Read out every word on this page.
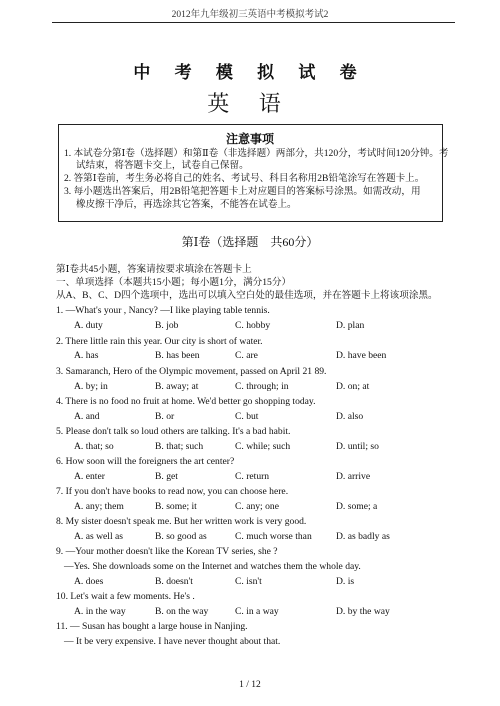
2012年九年级初三英语中考模拟考试2
中 考 模 拟 试 卷
英 语
注意事项
1. 本试卷分第Ⅰ卷（选择题）和第Ⅱ卷（非选择题）两部分，共120分，考试时间120分钟。考
试结束，将答题卡交上，试卷自己保留。
2. 答第Ⅰ卷前，考生务必将自己的姓名、考试号、科目名称用2B铅笔涂写在答题卡上。
3. 每小题选出答案后，用2B铅笔把答题卡上对应题目的答案标号涂黑。如需改动，用
橡皮擦干净后，再选涂其它答案，不能答在试卷上。
第Ⅰ卷（选择题　共60分）
第Ⅰ卷共45小题，答案请按要求填涂在答题卡上
一、单项选择（本题共15小题；每小题1分，满分15分）
从A、B、C、D四个选项中，选出可以填入空白处的最佳选项，并在答题卡上将该项涂黑。
1. —What's your , Nancy? —I like playing table tennis.
A. duty	B. job	C. hobby	D. plan
2. There little rain this year. Our city is short of water.
A. has	B. has been	C. are	D. have been
3. Samaranch, Hero of the Olympic movement, passed on April 21 89.
A. by; in	B. away; at	C. through; in	D. on; at
4. There is no food no fruit at home. We'd better go shopping today.
A. and	B. or	C. but	D. also
5. Please don't talk so loud others are talking. It's a bad habit.
A. that; so	B. that; such	C. while; such	D. until; so
6. How soon will the foreigners the art center?
A. enter	B. get	C. return	D. arrive
7. If you don't have books to read now, you can choose here.
A. any; them	B. some; it	C. any; one	D. some; a
8. My sister doesn't speak me. But her written work is very good.
A. as well as	B. so good as	C. much worse than	D. as badly as
9. —Your mother doesn't like the Korean TV series, she ?
—Yes. She downloads some on the Internet and watches them the whole day.
A. does	B. doesn't	C. isn't	D. is
10. Let's wait a few moments. He's .
A. in the way	B. on the way	C. in a way	D. by the way
11. — Susan has bought a large house in Nanjing.
— It be very expensive. I have never thought about that.
1 / 12
